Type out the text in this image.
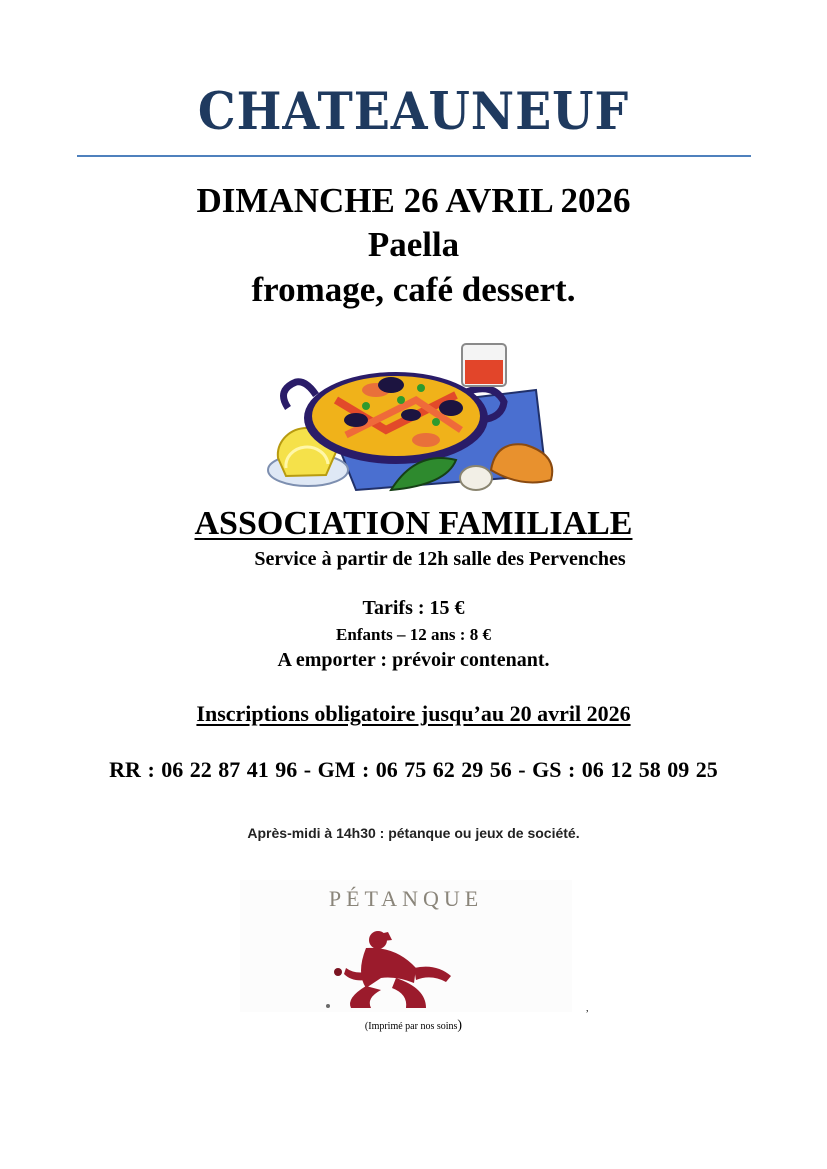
CHATEAUNEUF
DIMANCHE 26 AVRIL 2026
Paella
fromage, café dessert.
ASSOCIATION FAMILIALE
Service à partir de 12h salle des Pervenches
Tarifs : 15 €
Enfants – 12 ans : 8 €
A emporter : prévoir contenant.
Inscriptions obligatoire jusqu’au 20 avril 2026
RR : 06 22 87 41 96 - GM : 06 75 62 29 56 - GS : 06 12 58 09 25
Après-midi à 14h30 : pétanque ou jeux de société.
PÉTANQUE
,
(Imprimé par nos soins)
